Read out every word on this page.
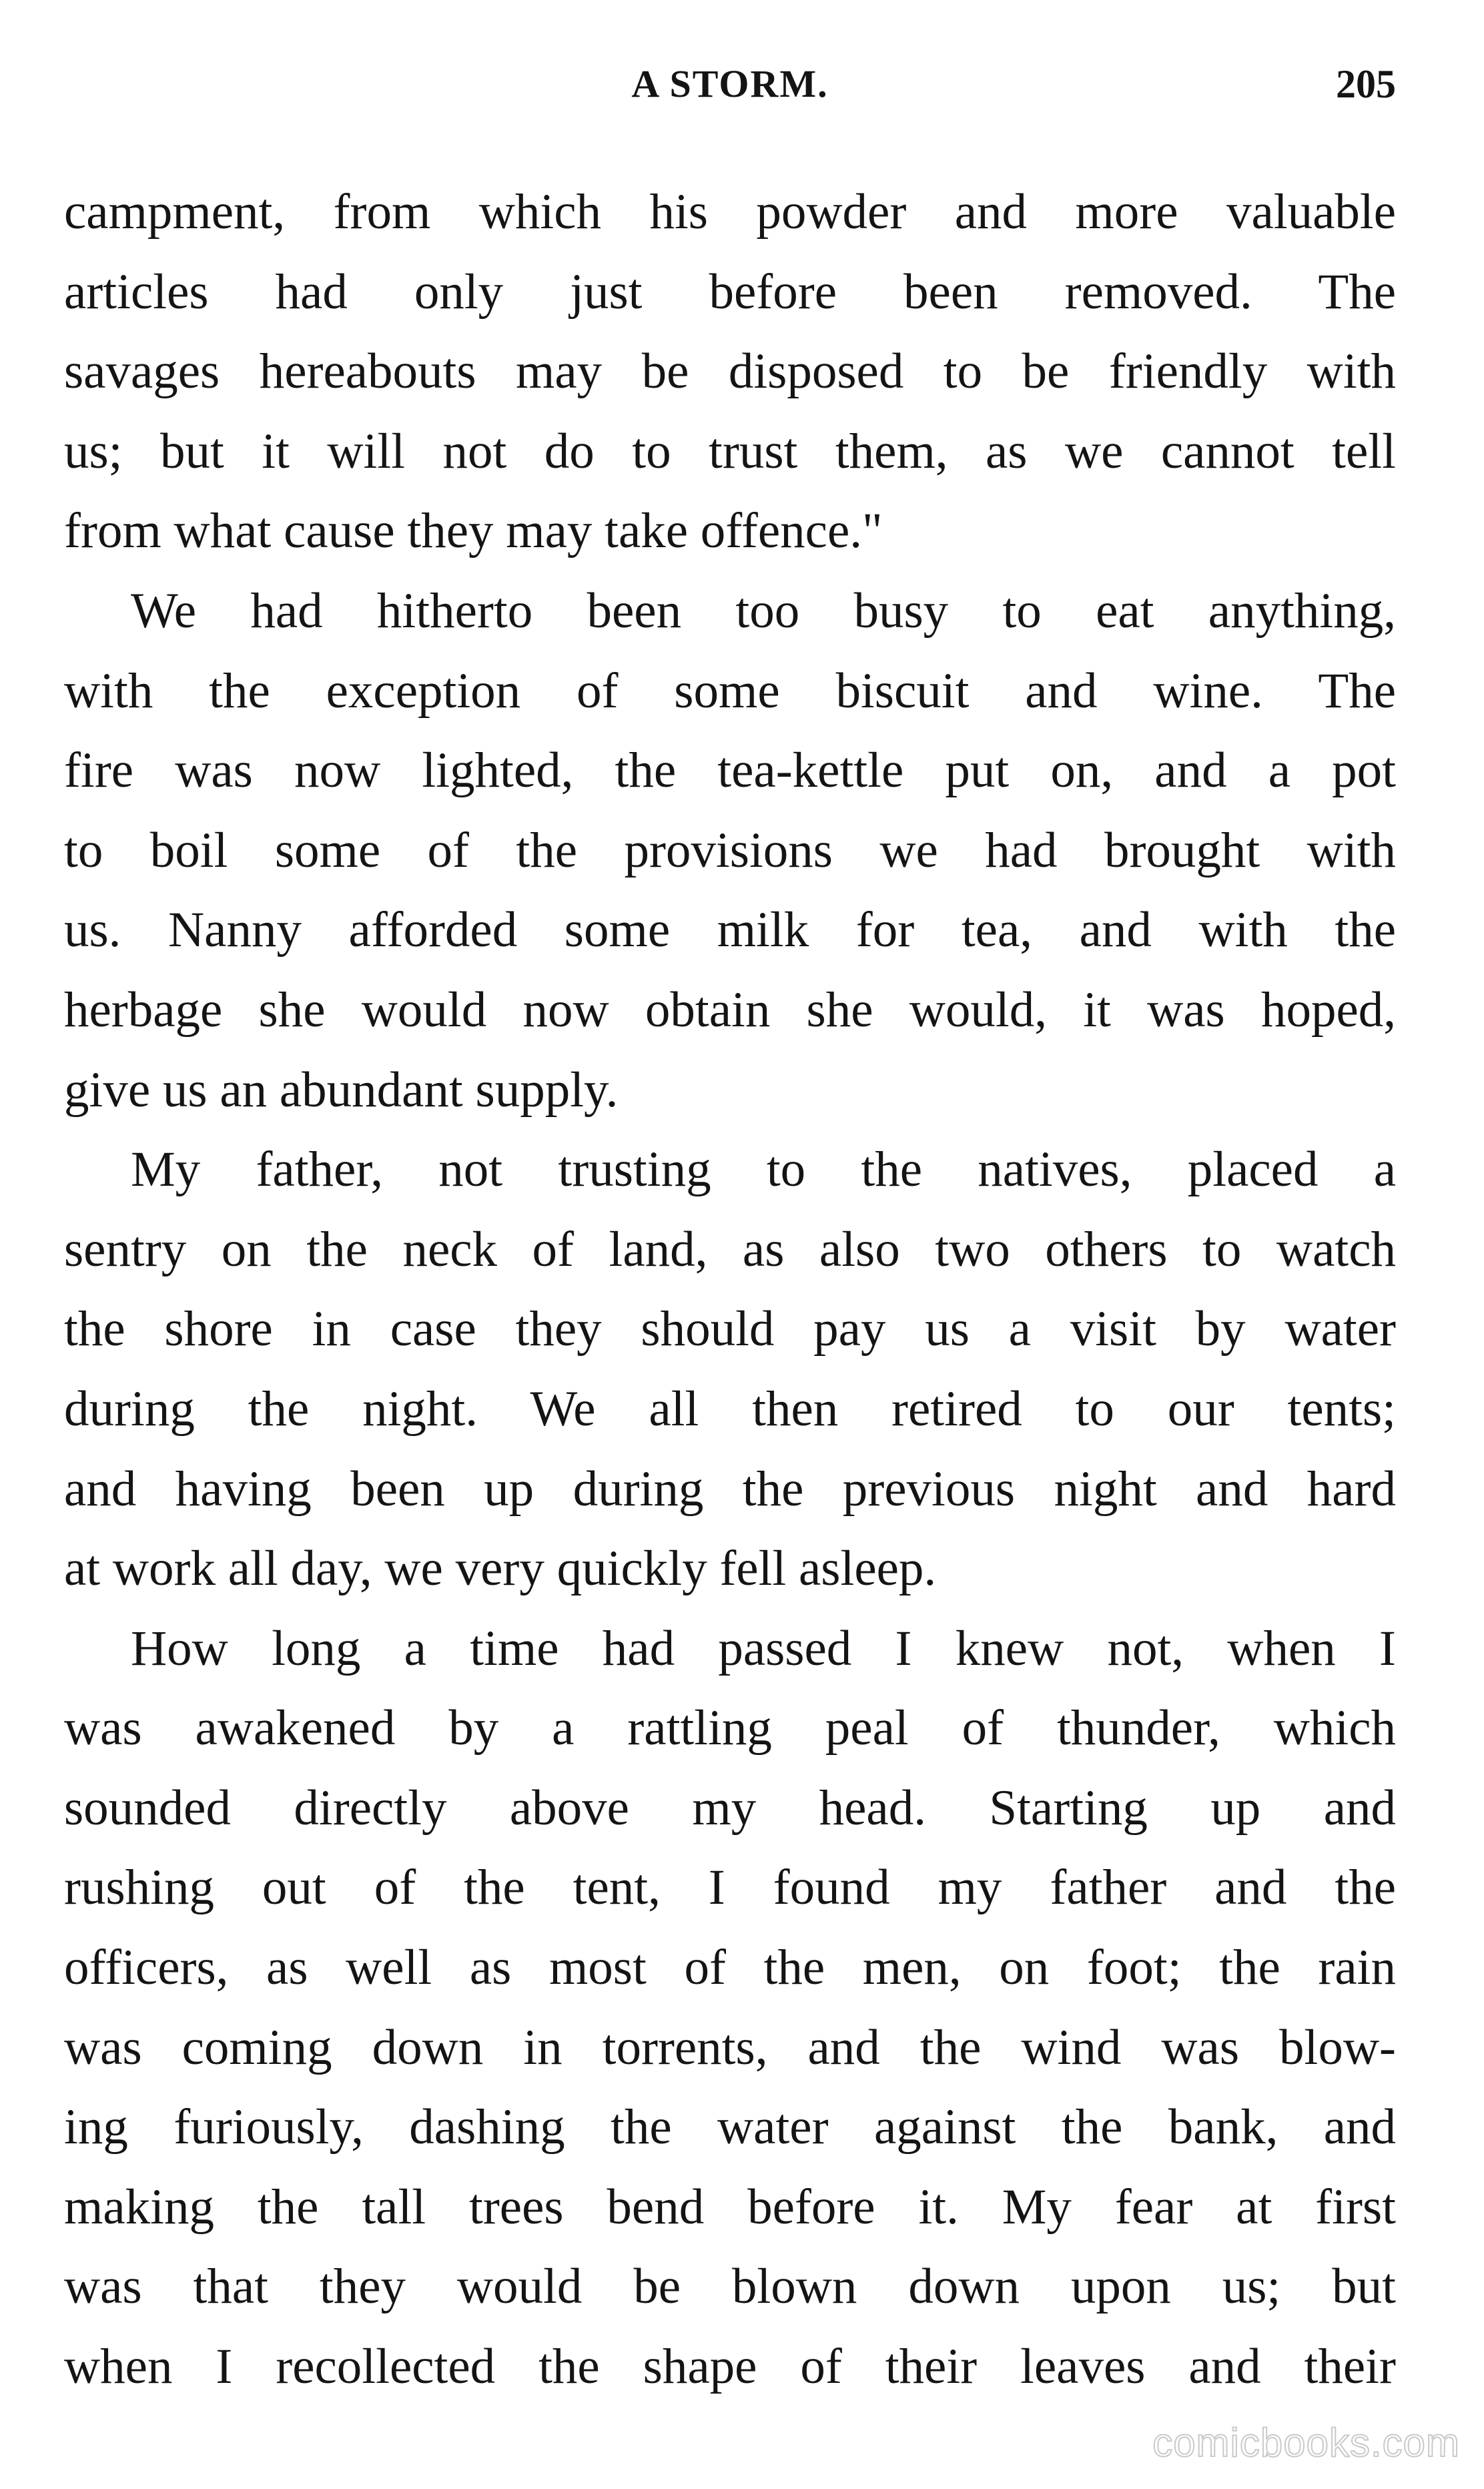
A STORM.	205
campment, from which his powder and more valuable
articles had only just before been removed. The
savages hereabouts may be disposed to be friendly with
us; but it will not do to trust them, as we cannot tell
from what cause they may take offence."
We had hitherto been too busy to eat anything,
with the exception of some biscuit and wine. The
fire was now lighted, the tea-kettle put on, and a pot
to boil some of the provisions we had brought with
us. Nanny afforded some milk for tea, and with the
herbage she would now obtain she would, it was hoped,
give us an abundant supply.
My father, not trusting to the natives, placed a
sentry on the neck of land, as also two others to watch
the shore in case they should pay us a visit by water
during the night. We all then retired to our tents;
and having been up during the previous night and hard
at work all day, we very quickly fell asleep.
How long a time had passed I knew not, when I
was awakened by a rattling peal of thunder, which
sounded directly above my head. Starting up and
rushing out of the tent, I found my father and the
officers, as well as most of the men, on foot; the rain
was coming down in torrents, and the wind was blow-
ing furiously, dashing the water against the bank, and
making the tall trees bend before it. My fear at first
was that they would be blown down upon us; but
when I recollected the shape of their leaves and their
comicbooks.com
